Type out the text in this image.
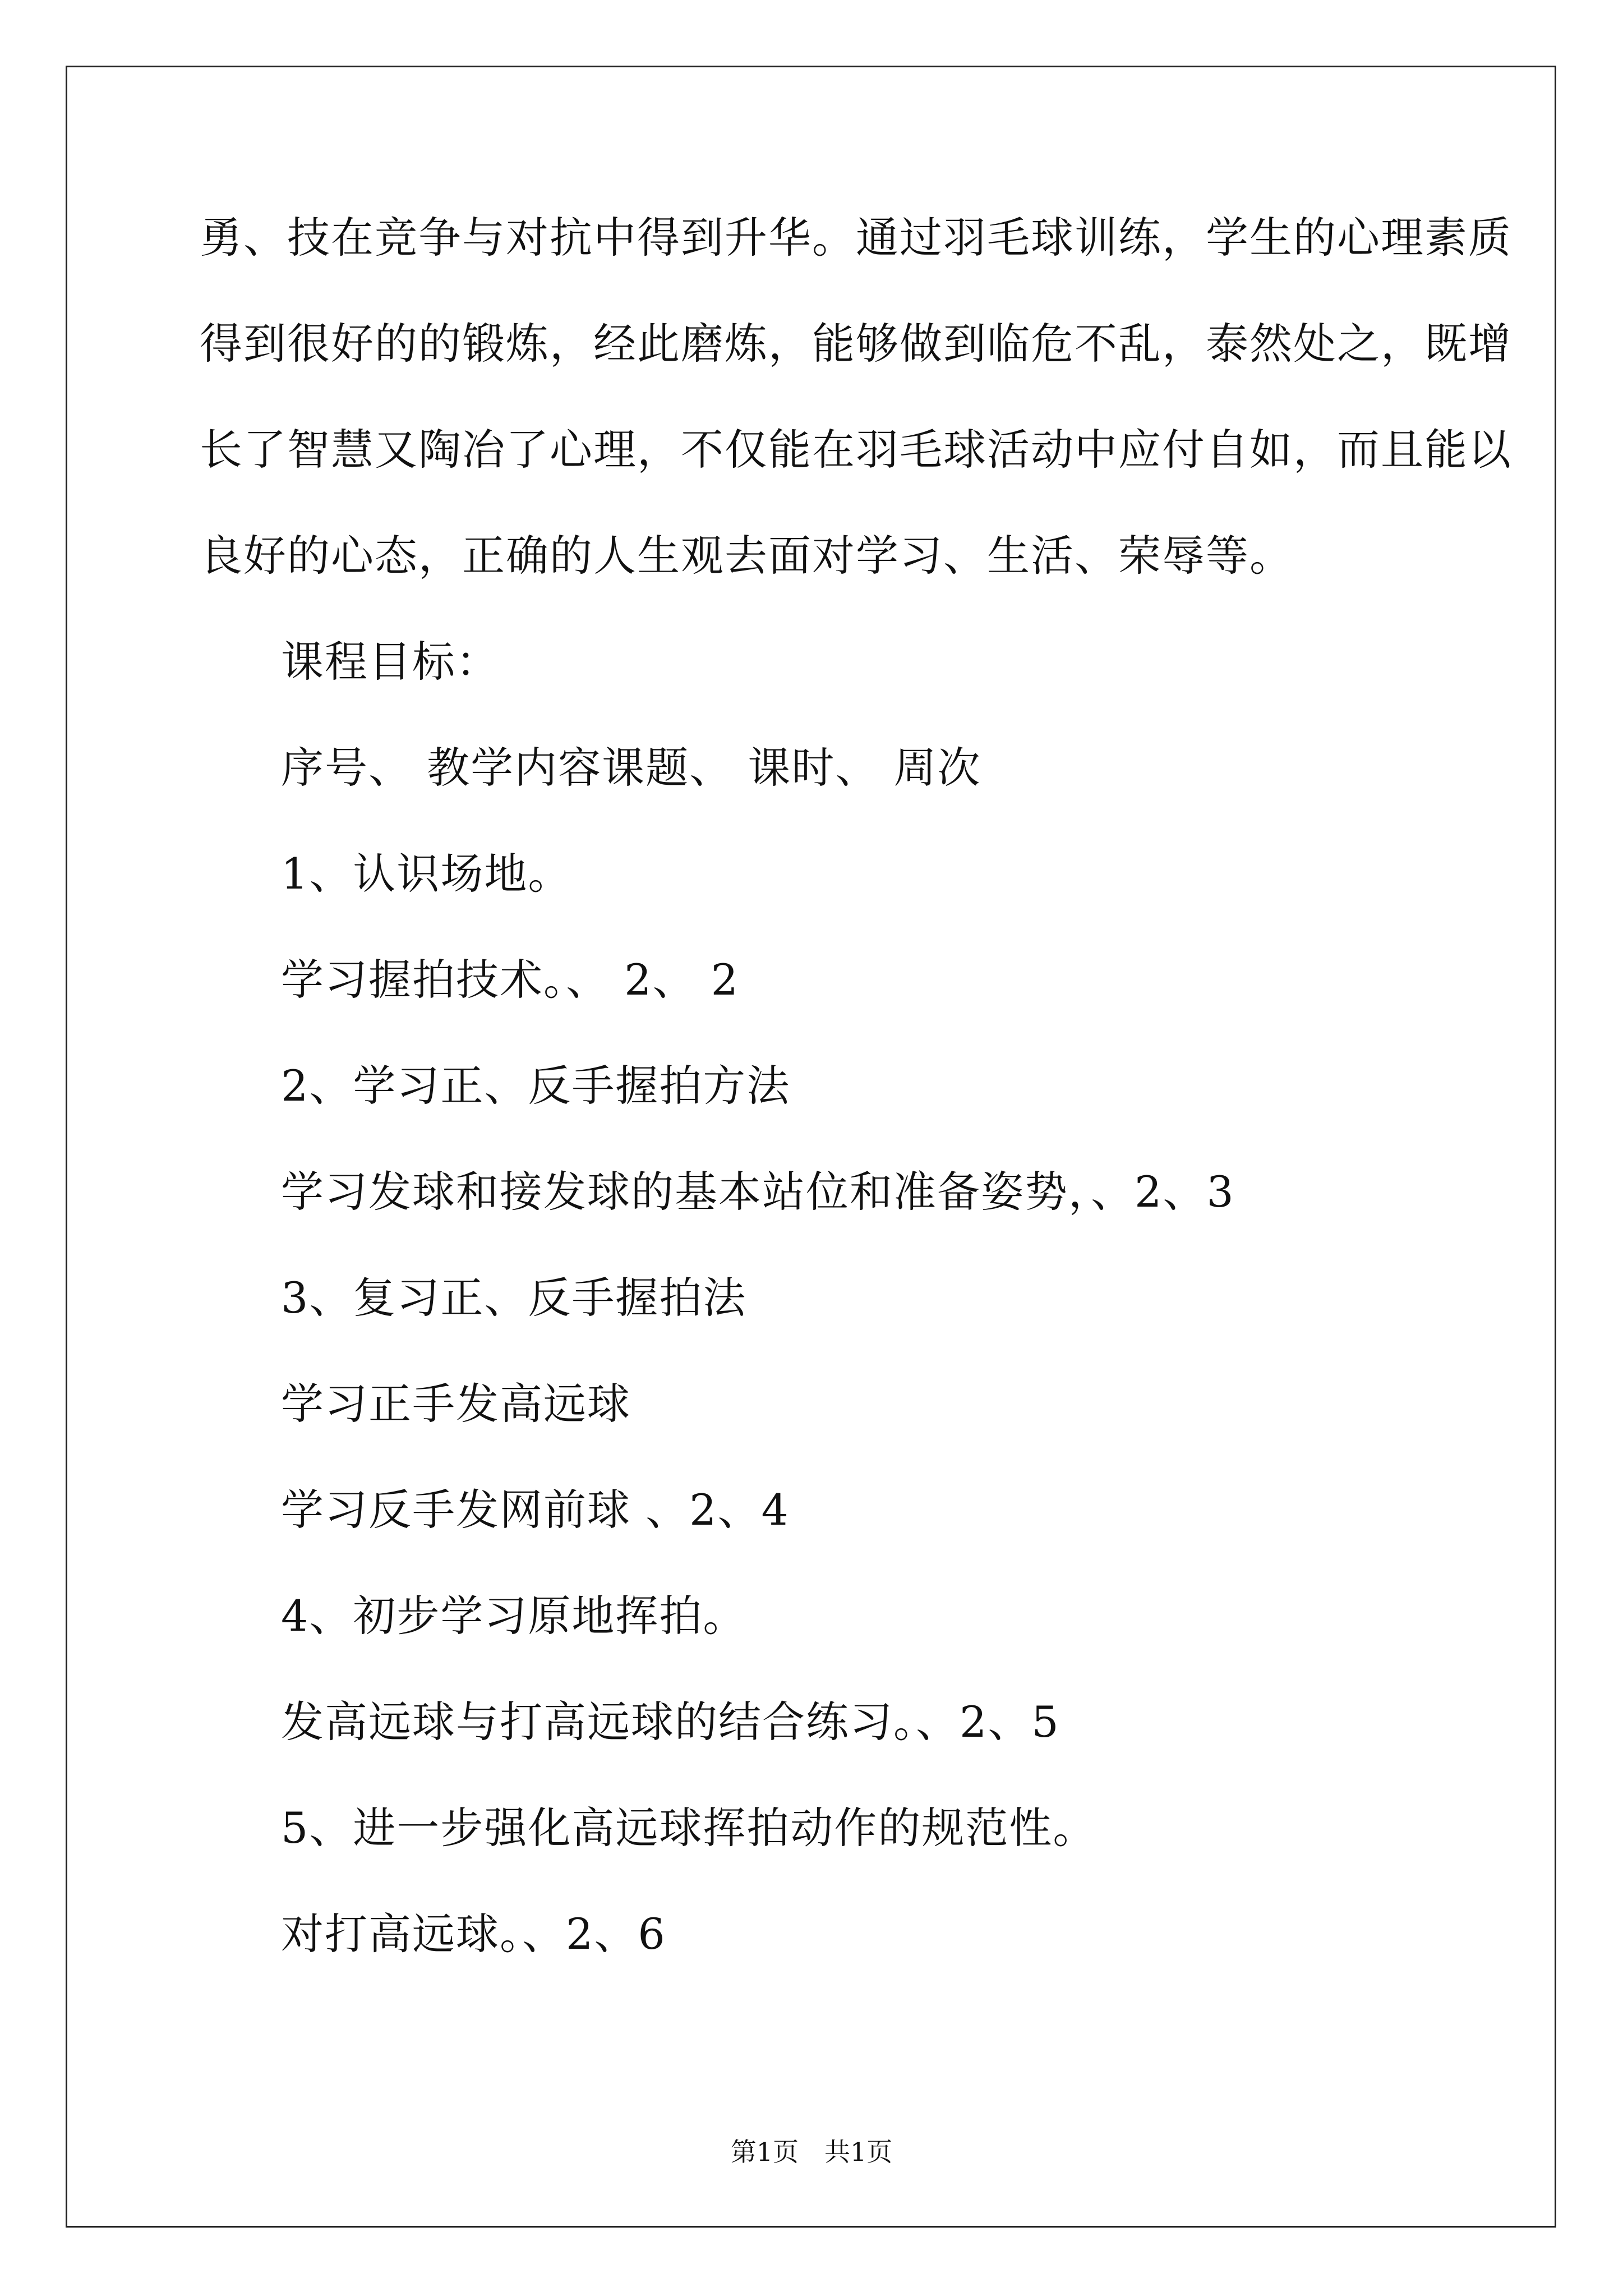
勇、技在竞争与对抗中得到升华。通过羽毛球训练，学生的心理素质

得到很好的的锻炼，经此磨炼，能够做到临危不乱，泰然处之，既增

长了智慧又陶冶了心理，不仅能在羽毛球活动中应付自如，而且能以

良好的心态，正确的人生观去面对学习、生活、荣辱等。

课程目标：

序号、 教学内容课题、 课时、 周次

1、认识场地。

学习握拍技术。、 2、 2

2、学习正、反手握拍方法

学习发球和接发球的基本站位和准备姿势，、2、3

3、复习正、反手握拍法

学习正手发高远球

学习反手发网前球 、2、4

4、初步学习原地挥拍。

发高远球与打高远球的结合练习。、2、5

5、进一步强化高远球挥拍动作的规范性。

对打高远球。、2、6

第1页　共1页
